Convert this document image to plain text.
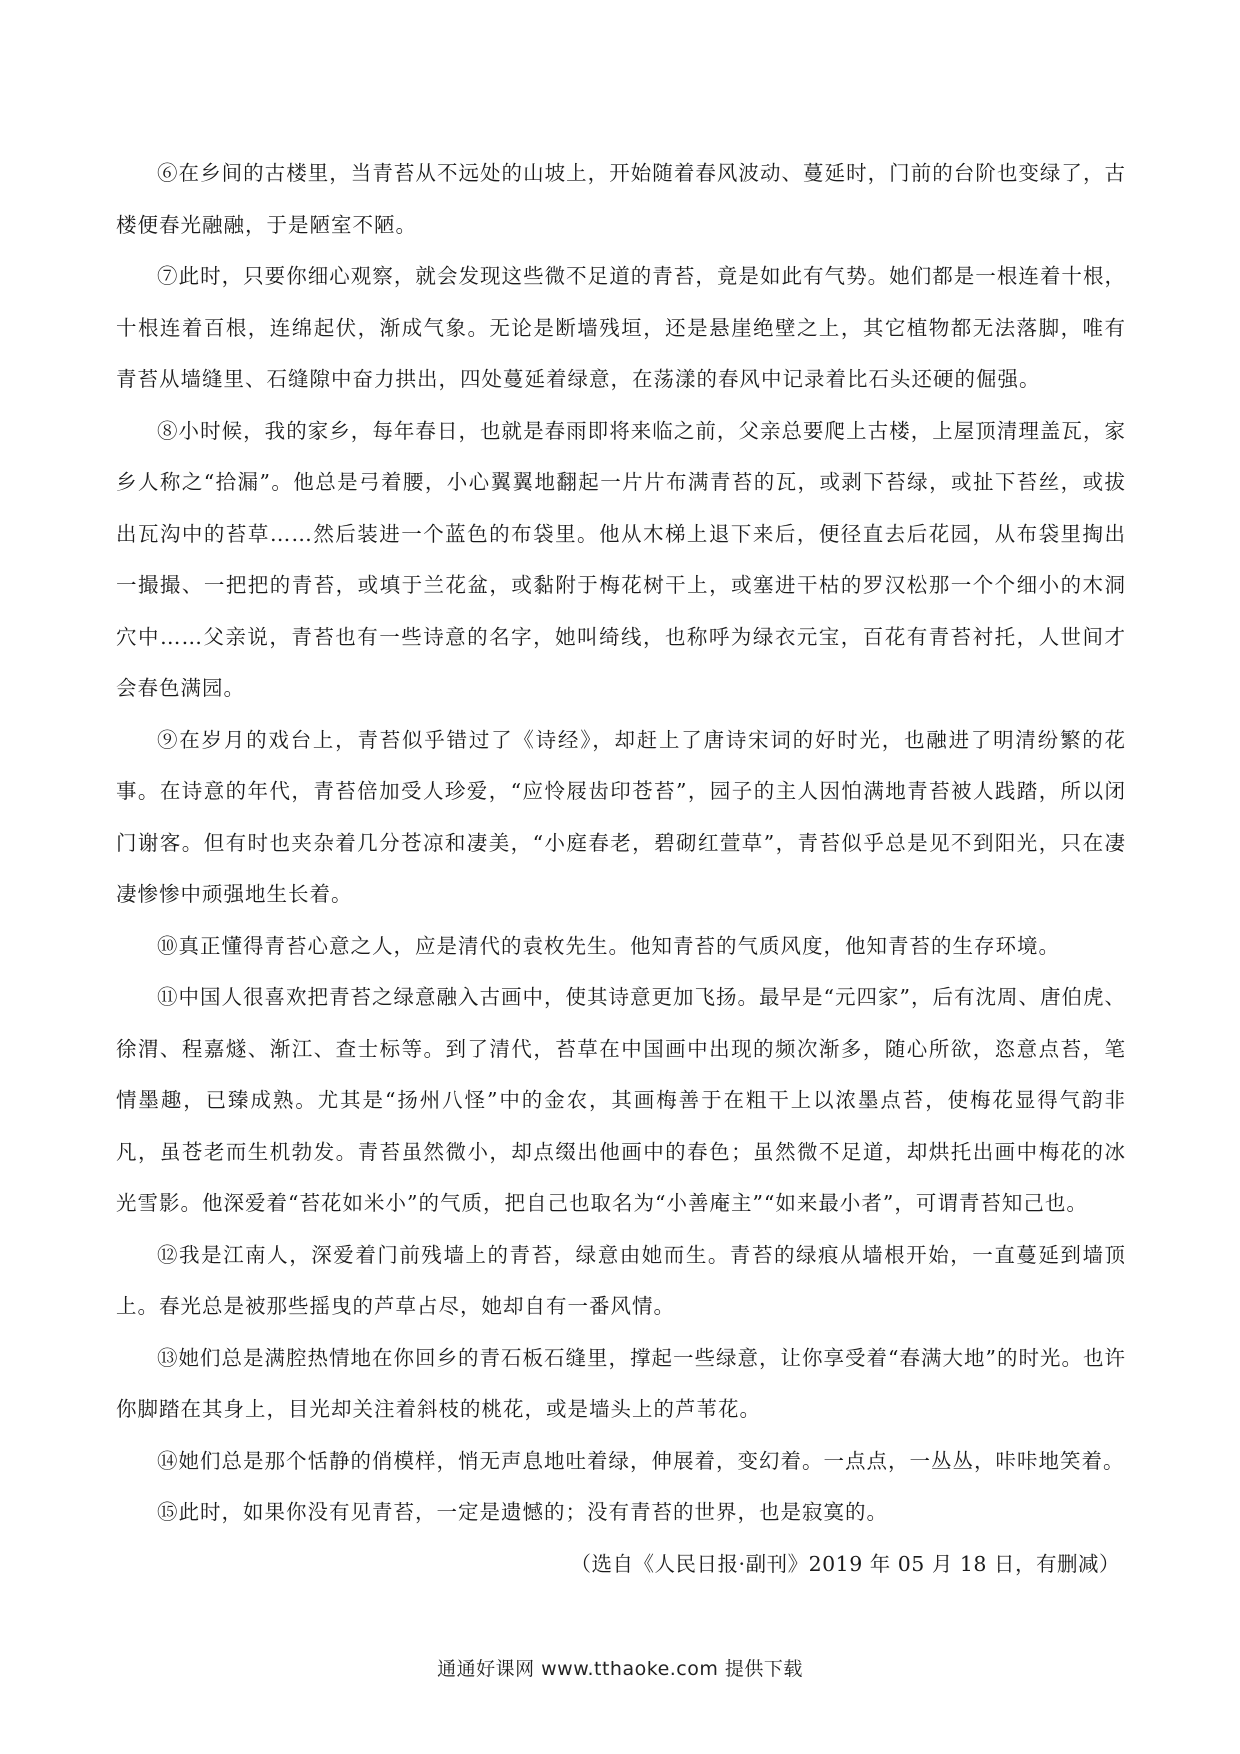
⑥在乡间的古楼里，当青苔从不远处的山坡上，开始随着春风波动、蔓延时，门前的台阶也变绿了，古楼便春光融融，于是陋室不陋。

⑦此时，只要你细心观察，就会发现这些微不足道的青苔，竟是如此有气势。她们都是一根连着十根，十根连着百根，连绵起伏，渐成气象。无论是断墙残垣，还是悬崖绝壁之上，其它植物都无法落脚，唯有青苔从墙缝里、石缝隙中奋力拱出，四处蔓延着绿意，在荡漾的春风中记录着比石头还硬的倔强。

⑧小时候，我的家乡，每年春日，也就是春雨即将来临之前，父亲总要爬上古楼，上屋顶清理盖瓦，家乡人称之“拾漏”。他总是弓着腰，小心翼翼地翻起一片片布满青苔的瓦，或剥下苔绿，或扯下苔丝，或拔出瓦沟中的苔草……然后装进一个蓝色的布袋里。他从木梯上退下来后，便径直去后花园，从布袋里掏出一撮撮、一把把的青苔，或填于兰花盆，或黏附于梅花树干上，或塞进干枯的罗汉松那一个个细小的木洞穴中……父亲说，青苔也有一些诗意的名字，她叫绮线，也称呼为绿衣元宝，百花有青苔衬托，人世间才会春色满园。

⑨在岁月的戏台上，青苔似乎错过了《诗经》，却赶上了唐诗宋词的好时光，也融进了明清纷繁的花事。在诗意的年代，青苔倍加受人珍爱，“应怜屐齿印苍苔”，园子的主人因怕满地青苔被人践踏，所以闭门谢客。但有时也夹杂着几分苍凉和凄美，“小庭春老，碧砌红萱草”，青苔似乎总是见不到阳光，只在凄凄惨惨中顽强地生长着。

⑩真正懂得青苔心意之人，应是清代的袁枚先生。他知青苔的气质风度，他知青苔的生存环境。

⑪中国人很喜欢把青苔之绿意融入古画中，使其诗意更加飞扬。最早是“元四家”，后有沈周、唐伯虎、徐渭、程嘉燧、渐江、查士标等。到了清代，苔草在中国画中出现的频次渐多，随心所欲，恣意点苔，笔情墨趣，已臻成熟。尤其是“扬州八怪”中的金农，其画梅善于在粗干上以浓墨点苔，使梅花显得气韵非凡，虽苍老而生机勃发。青苔虽然微小，却点缀出他画中的春色；虽然微不足道，却烘托出画中梅花的冰光雪影。他深爱着“苔花如米小”的气质，把自己也取名为“小善庵主”“如来最小者”，可谓青苔知己也。

⑫我是江南人，深爱着门前残墙上的青苔，绿意由她而生。青苔的绿痕从墙根开始，一直蔓延到墙顶上。春光总是被那些摇曳的芦草占尽，她却自有一番风情。

⑬她们总是满腔热情地在你回乡的青石板石缝里，撑起一些绿意，让你享受着“春满大地”的时光。也许你脚踏在其身上，目光却关注着斜枝的桃花，或是墙头上的芦苇花。

⑭她们总是那个恬静的俏模样，悄无声息地吐着绿，伸展着，变幻着。一点点，一丛丛，咔咔地笑着。

⑮此时，如果你没有见青苔，一定是遗憾的；没有青苔的世界，也是寂寞的。

（选自《人民日报·副刊》2019 年 05 月 18 日，有删减）

通通好课网 www.tthaoke.com 提供下载
